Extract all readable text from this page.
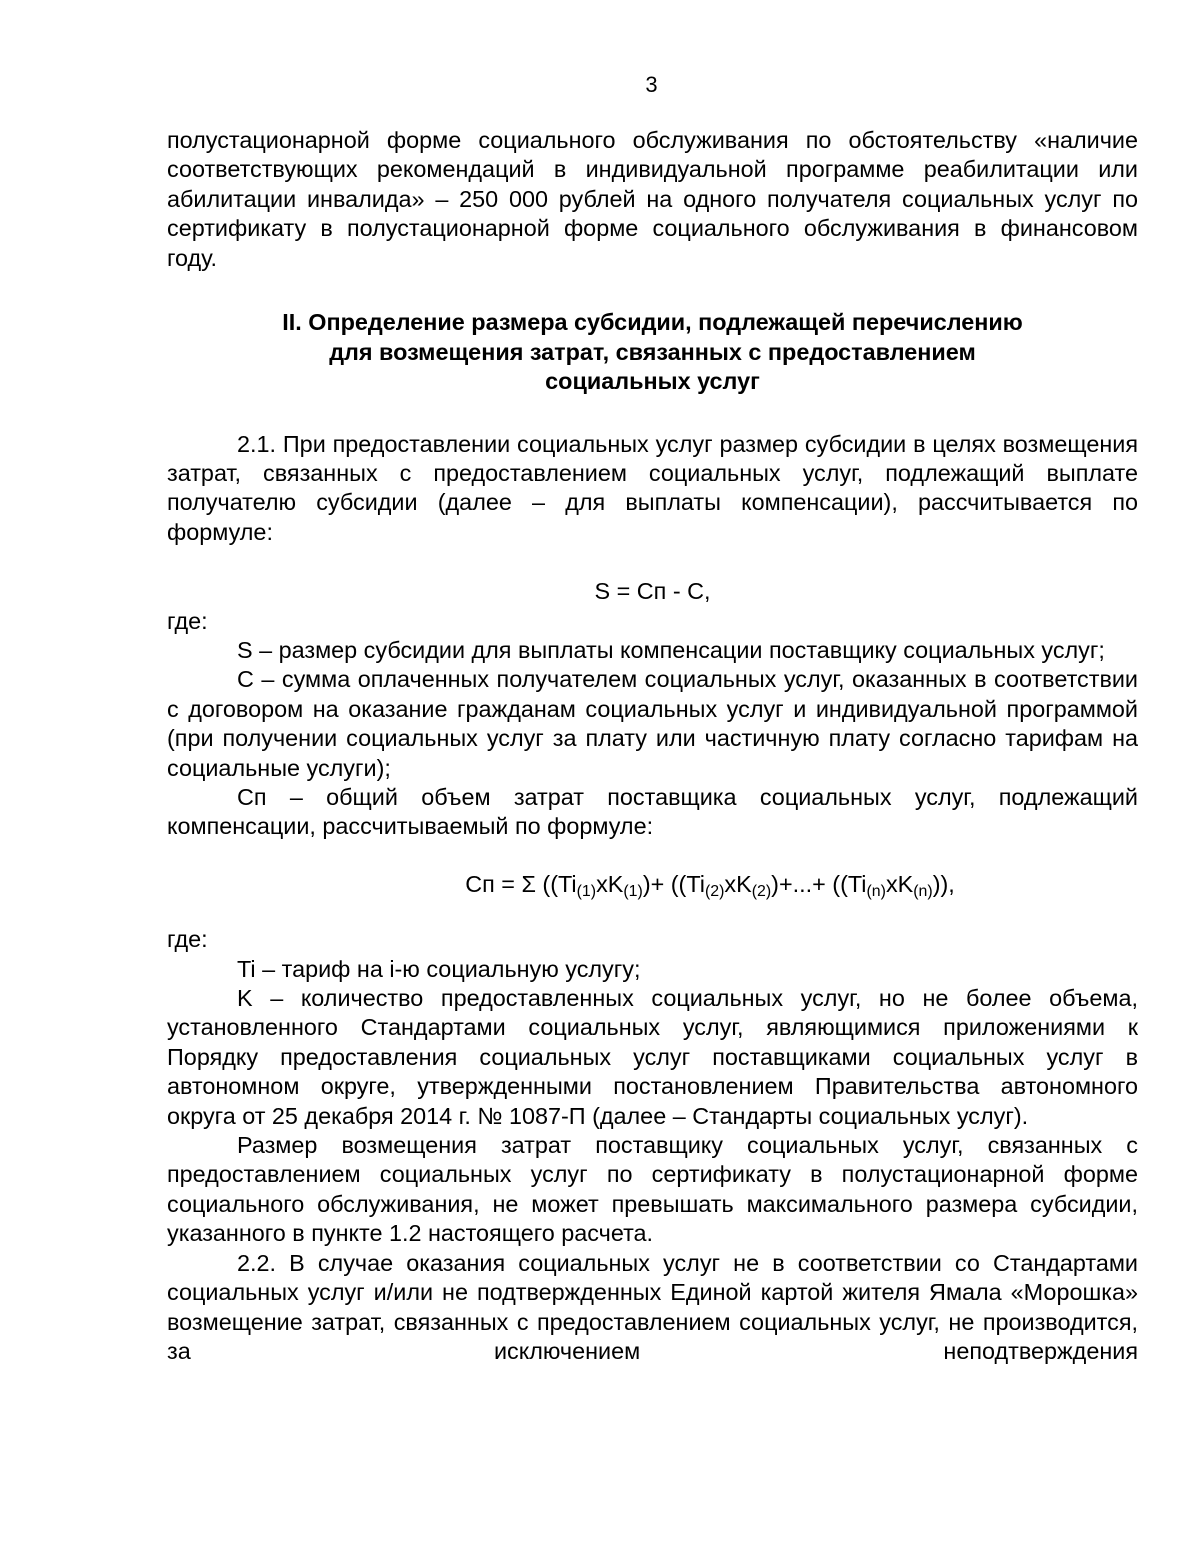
3

полустационарной форме социального обслуживания по обстоятельству «наличие соответствующих рекомендаций в индивидуальной программе реабилитации или абилитации инвалида» – 250 000 рублей на одного получателя социальных услуг по сертификату в полустационарной форме социального обслуживания в финансовом году.

II. Определение размера субсидии, подлежащей перечислению
для возмещения затрат, связанных с предоставлением
социальных услуг

2.1. При предоставлении социальных услуг размер субсидии в целях возмещения затрат, связанных с предоставлением социальных услуг, подлежащий выплате получателю субсидии (далее – для выплаты компенсации), рассчитывается по формуле:

S = Сп - С,

где:

S – размер субсидии для выплаты компенсации поставщику социальных услуг;

С – сумма оплаченных получателем социальных услуг, оказанных в соответствии с договором на оказание гражданам социальных услуг и индивидуальной программой (при получении социальных услуг за плату или частичную плату согласно тарифам на социальные услуги);

Сп – общий объем затрат поставщика социальных услуг, подлежащий компенсации, рассчитываемый по формуле:

Сп = Σ ($(Ti_{(1)}хK_{(1)})+ ((Ti_{(2)}хK_{(2)})+...+ ((Ti_{(n)}хK_{(n)}))$,

где:

Ti – тариф на i-ю социальную услугу;

K – количество предоставленных социальных услуг, но не более объема, установленного Стандартами социальных услуг, являющимися приложениями к Порядку предоставления социальных услуг поставщиками социальных услуг в автономном округе, утвержденными постановлением Правительства автономного округа от 25 декабря 2014 г. № 1087-П (далее – Стандарты социальных услуг).

Размер возмещения затрат поставщику социальных услуг, связанных с предоставлением социальных услуг по сертификату в полустационарной форме социального обслуживания, не может превышать максимального размера субсидии, указанного в пункте 1.2 настоящего расчета.

2.2. В случае оказания социальных услуг не в соответствии со Стандартами социальных услуг и/или не подтвержденных Единой картой жителя Ямала «Морошка» возмещение затрат, связанных с предоставлением социальных услуг, не производится, за исключением неподтверждения
